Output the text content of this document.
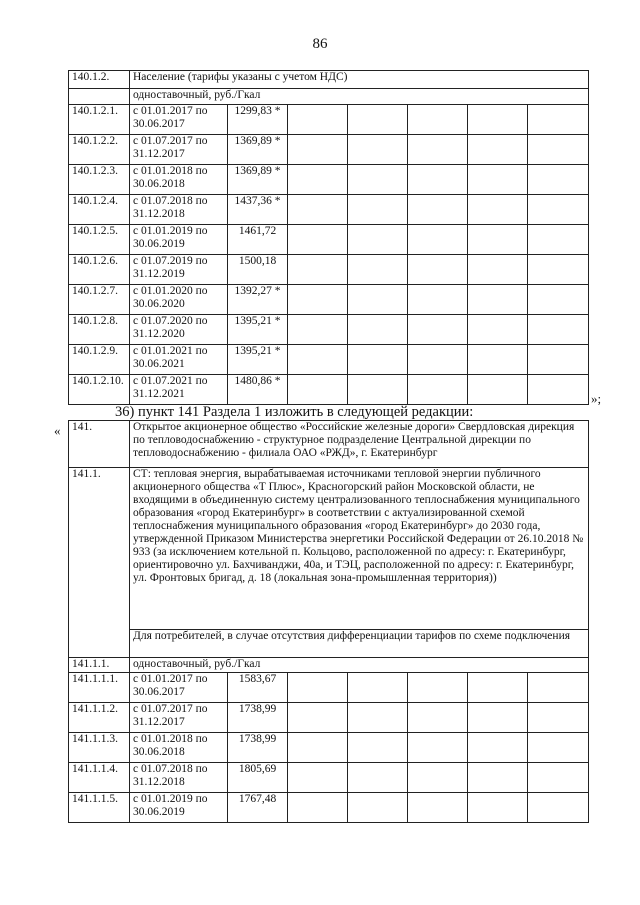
86
140.1.2.	Население (тарифы указаны с учетом НДС)						
	одноставочный, руб./Гкал						
140.1.2.1.	с 01.01.2017 по 30.06.2017	1299,83 *					
140.1.2.2.	с 01.07.2017 по 31.12.2017	1369,89 *					
140.1.2.3.	с 01.01.2018 по 30.06.2018	1369,89 *					
140.1.2.4.	с 01.07.2018 по 31.12.2018	1437,36 *					
140.1.2.5.	с 01.01.2019 по 30.06.2019	1461,72					
140.1.2.6.	с 01.07.2019 по 31.12.2019	1500,18					
140.1.2.7.	с 01.01.2020 по 30.06.2020	1392,27 *					
140.1.2.8.	с 01.07.2020 по 31.12.2020	1395,21 *					
140.1.2.9.	с 01.01.2021 по 30.06.2021	1395,21 *					
140.1.2.10.	с 01.07.2021 по 31.12.2021	1480,86 *					
»;
36) пункт 141 Раздела 1 изложить в следующей редакции:
« 141.	Открытое акционерное общество «Российские железные дороги» Свердловская дирекция по тепловодоснабжению - структурное подразделение Центральной дирекции по тепловодоснабжению - филиала ОАО «РЖД», г. Екатеринбург						
141.1.	СТ: тепловая энергия, вырабатываемая источниками тепловой энергии публичного акционерного общества «Т Плюс», Красногорский район Московской области, не входящими в объединенную систему централизованного теплоснабжения муниципального образования «город Екатеринбург» в соответствии с актуализированной схемой теплоснабжения муниципального образования «город Екатеринбург» до 2030 года, утвержденной Приказом Министерства энергетики Российской Федерации от 26.10.2018 № 933 (за исключением котельной п. Кольцово, расположенной по адресу: г. Екатеринбург, ориентировочно ул. Бахчиванджи, 40а, и ТЭЦ, расположенной по адресу: г. Екатеринбург, ул. Фронтовых бригад, д. 18 (локальная зона-промышленная территория))						
	Для потребителей, в случае отсутствия дифференциации тарифов по схеме подключения						
141.1.1.	одноставочный, руб./Гкал						
141.1.1.1.	с 01.01.2017 по 30.06.2017	1583,67					
141.1.1.2.	с 01.07.2017 по 31.12.2017	1738,99					
141.1.1.3.	с 01.01.2018 по 30.06.2018	1738,99					
141.1.1.4.	с 01.07.2018 по 31.12.2018	1805,69					
141.1.1.5.	с 01.01.2019 по 30.06.2019	1767,48					
